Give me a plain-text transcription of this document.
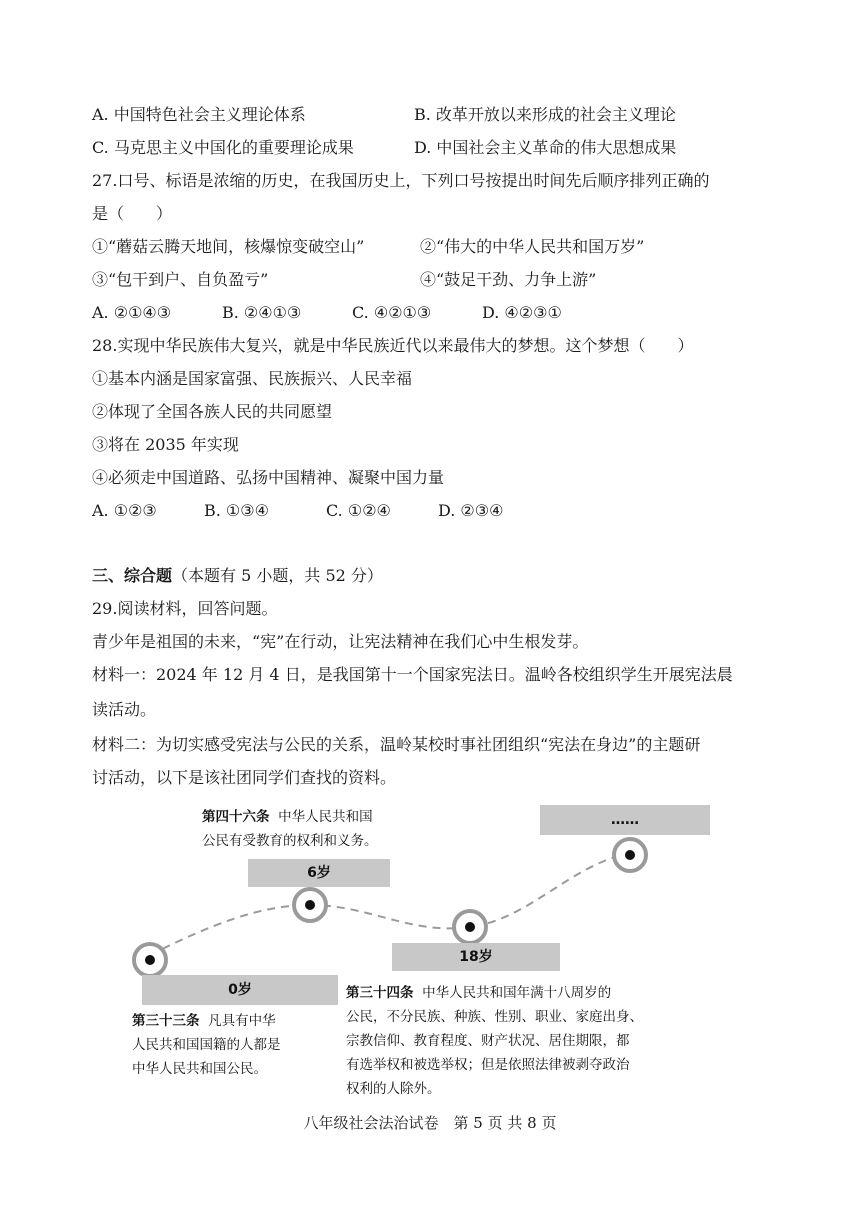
A. 中国特色社会主义理论体系	B. 改革开放以来形成的社会主义理论
C. 马克思主义中国化的重要理论成果	D. 中国社会主义革命的伟大思想成果
27.口号、标语是浓缩的历史，在我国历史上，下列口号按提出时间先后顺序排列正确的
是（　　）
①“蘑菇云腾天地间，核爆惊变破空山”	②“伟大的中华人民共和国万岁”
③“包干到户、自负盈亏”	④“鼓足干劲、力争上游”
A. ②①④③	B. ②④①③	C. ④②①③	D. ④②③①
28.实现中华民族伟大复兴，就是中华民族近代以来最伟大的梦想。这个梦想（　　）
①基本内涵是国家富强、民族振兴、人民幸福
②体现了全国各族人民的共同愿望
③将在 2035 年实现
④必须走中国道路、弘扬中国精神、凝聚中国力量
A. ①②③	B. ①③④	C. ①②④	D. ②③④
三、综合题（本题有 5 小题，共 52 分）
29.阅读材料，回答问题。
青少年是祖国的未来，“宪”在行动，让宪法精神在我们心中生根发芽。
材料一：2024 年 12 月 4 日，是我国第十一个国家宪法日。温岭各校组织学生开展宪法晨
读活动。
材料二：为切实感受宪法与公民的关系，温岭某校时事社团组织“宪法在身边”的主题研
讨活动，以下是该社团同学们查找的资料。
0岁
6岁
18岁
……
第四十六条 中华人民共和国
公民有受教育的权利和义务。
第三十三条 凡具有中华
人民共和国国籍的人都是
中华人民共和国公民。
第三十四条 中华人民共和国年满十八周岁的
公民，不分民族、种族、性别、职业、家庭出身、
宗教信仰、教育程度、财产状况、居住期限，都
有选举权和被选举权；但是依照法律被剥夺政治
权利的人除外。
八年级社会法治试卷　第 5 页 共 8 页
